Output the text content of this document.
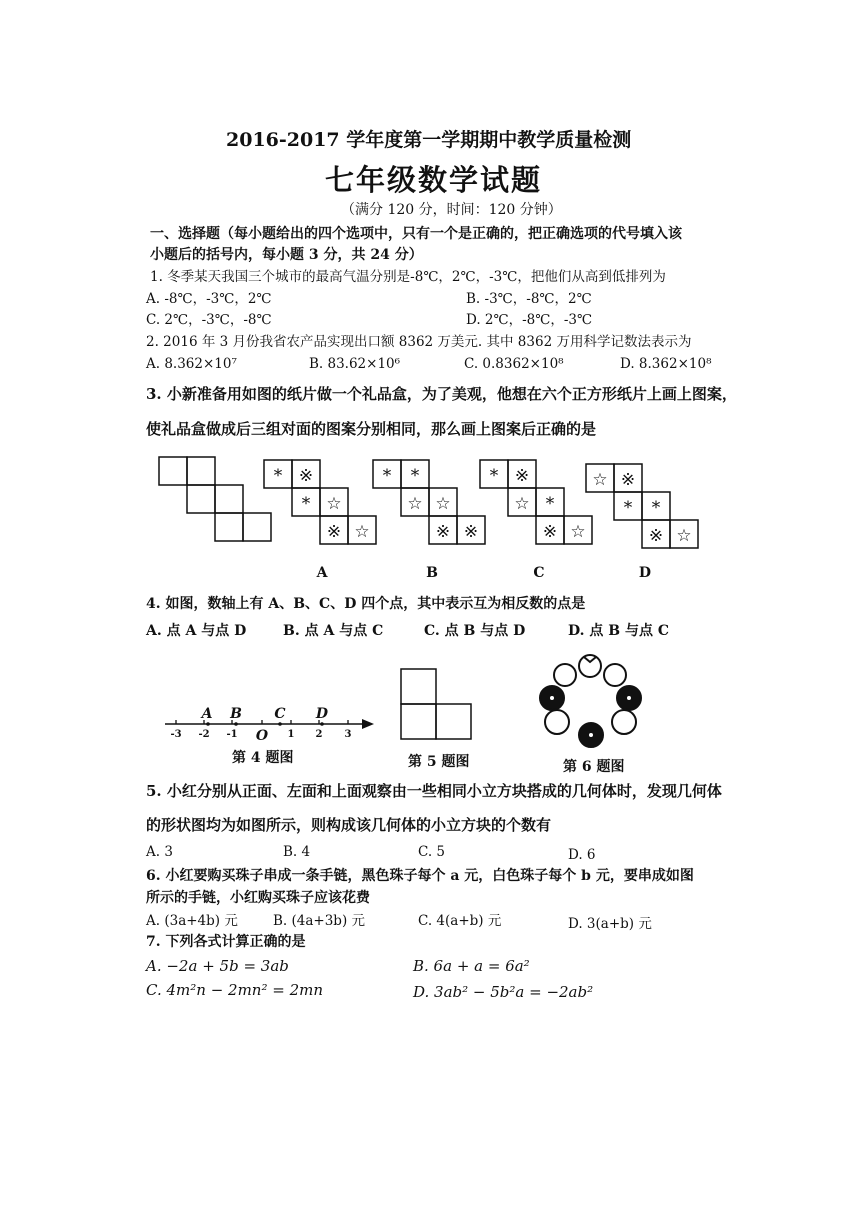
2016-2017 学年度第一学期期中教学质量检测
七年级数学试题
（满分 120 分，时间：120 分钟）
一、选择题（每小题给出的四个选项中，只有一个是正确的，把正确选项的代号填入该
小题后的括号内，每小题 3 分，共 24 分）
1. 冬季某天我国三个城市的最高气温分别是-8℃，2℃，-3℃，把他们从高到低排列为
A. -8℃，-3℃，2℃	B. -3℃，-8℃，2℃
C. 2℃，-3℃，-8℃	D. 2℃，-8℃，-3℃
2. 2016 年 3 月份我省农产品实现出口额 8362 万美元. 其中 8362 万用科学记数法表示为
A. 8.362×10⁷	B. 83.62×10⁶	C. 0.8362×10⁸	D. 8.362×10⁸
3. 小新准备用如图的纸片做一个礼品盒，为了美观，他想在六个正方形纸片上画上图案，
使礼品盒做成后三组对面的图案分别相同，那么画上图案后正确的是
* ※
* ☆
※ ☆
* *
☆ ☆
※ ※
* ※
☆ *
※ ☆
☆ ※
* *
※ ☆
A	B	C	D
4. 如图，数轴上有 A、B、C、D 四个点，其中表示互为相反数的点是
A. 点 A 与点 D	B. 点 A 与点 C	C. 点 B 与点 D	D. 点 B 与点 C
A B C D
-3 -2 -1 O 1 2 3
第 4 题图	第 5 题图	第 6 题图
5. 小红分别从正面、左面和上面观察由一些相同小立方块搭成的几何体时，发现几何体
的形状图均为如图所示，则构成该几何体的小立方块的个数有
A. 3	B. 4	C. 5	D. 6
6. 小红要购买珠子串成一条手链，黑色珠子每个 a 元，白色珠子每个 b 元，要串成如图
所示的手链，小红购买珠子应该花费
A. (3a+4b) 元	B. (4a+3b) 元	C. 4(a+b) 元	D. 3(a+b) 元
7. 下列各式计算正确的是
A. −2a + 5b = 3ab	B. 6a + a = 6a²
C. 4m²n − 2mn² = 2mn	D. 3ab² − 5b²a = −2ab²
